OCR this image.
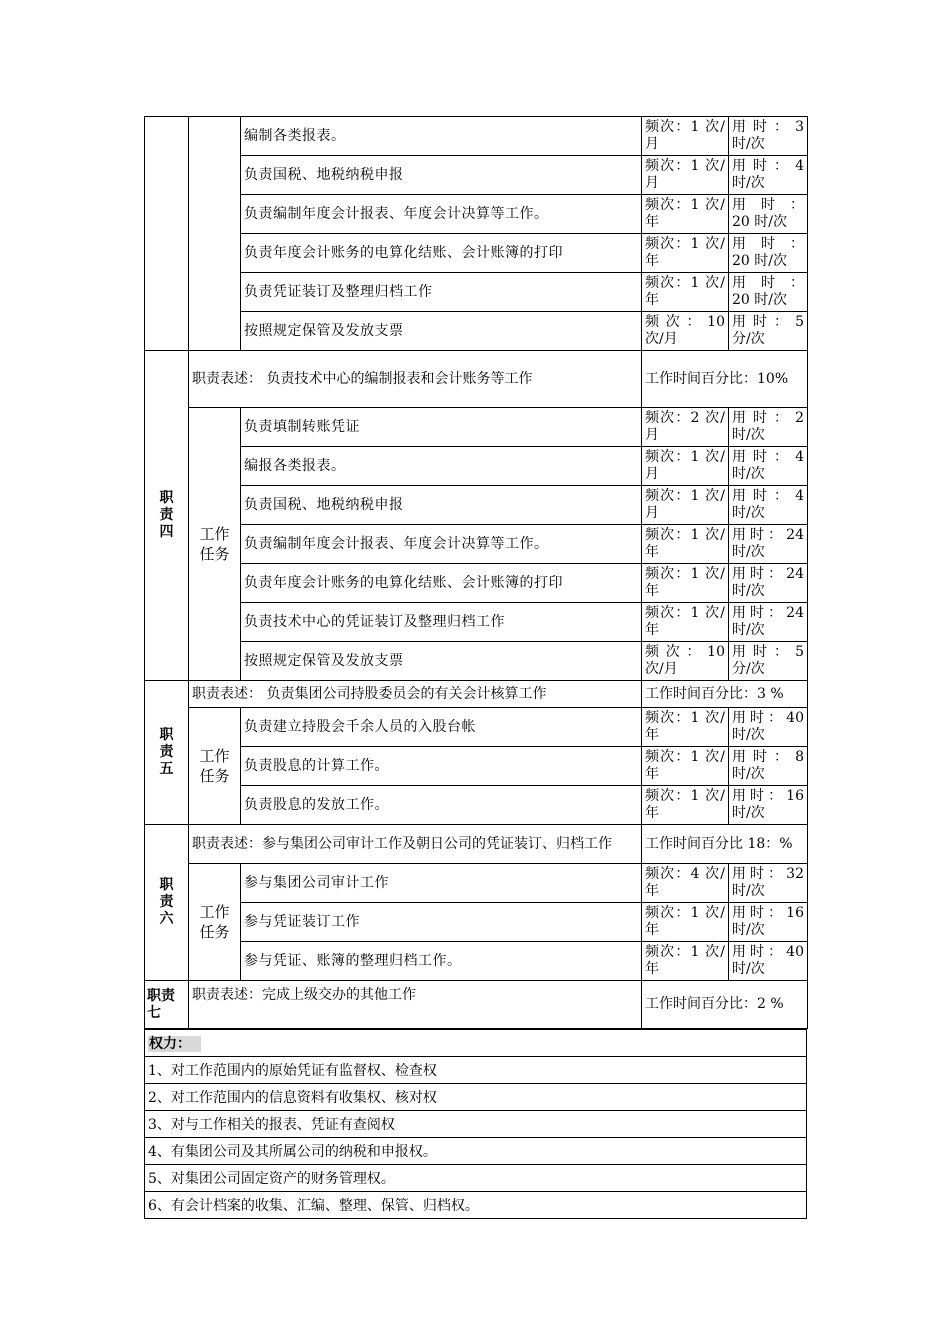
		编制各类报表。	频次：1 次/ 月	用 时 ： 3 时/次
		负责国税、地税纳税申报	频次：1 次/ 月	用 时 ： 4 时/次
		负责编制年度会计报表、年度会计决算等工作。	频次：1 次/ 年	用 时 ： 20 时/次
		负责年度会计账务的电算化结账、会计账簿的打印	频次：1 次/年	用 时 ： 20 时/次
		负责凭证装订及整理归档工作	频次：1 次/年	用 时 ： 20 时/次
		按照规定保管及发放支票	频 次 ： 10 次/月	用 时 ： 5 分/次
职责四	职责表述： 负责技术中心的编制报表和会计账务等工作		工作时间百分比：10%	
	工作任务	负责填制转账凭证	频次：2 次/月	用 时 ： 2 时/次
		编报各类报表。	频次：1 次/月	用 时 ： 4 时/次
		负责国税、地税纳税申报	频次：1 次/月	用 时 ： 4 时/次
		负责编制年度会计报表、年度会计决算等工作。	频次：1 次/年	用时：24 时/次
		负责年度会计账务的电算化结账、会计账簿的打印	频次：1 次/年	用时：24 时/次
		负责技术中心的凭证装订及整理归档工作	频次：1 次/年	用时：24 时/次
		按照规定保管及发放支票	频 次 ： 10 次/月	用 时 ： 5 分/次
职责五	职责表述： 负责集团公司持股委员会的有关会计核算工作		工作时间百分比：3 %	
	工作任务	负责建立持股会千余人员的入股台帐	频次：1 次/ 年	用时：40 时/次
		负责股息的计算工作。	频次：1 次/ 年	用 时 ： 8 时/次
		负责股息的发放工作。	频次：1 次/年	用时：16 时/次
职责六	职责表述：参与集团公司审计工作及朝日公司的凭证装订、归档工作		工作时间百分比 18：%	
	工作任务	参与集团公司审计工作	频次：4 次/年	用时：32 时/次
		参与凭证装订工作	频次：1 次/年	用时：16 时/次
		参与凭证、账簿的整理归档工作。	频次：1 次/年	用时：40 时/次
职责七	职责表述：完成上级交办的其他工作		工作时间百分比：2 %	
权力：
1、对工作范围内的原始凭证有监督权、检查权
2、对工作范围内的信息资料有收集权、核对权
3、对与工作相关的报表、凭证有查阅权
4、有集团公司及其所属公司的纳税和申报权。
5、对集团公司固定资产的财务管理权。
6、有会计档案的收集、汇编、整理、保管、归档权。
